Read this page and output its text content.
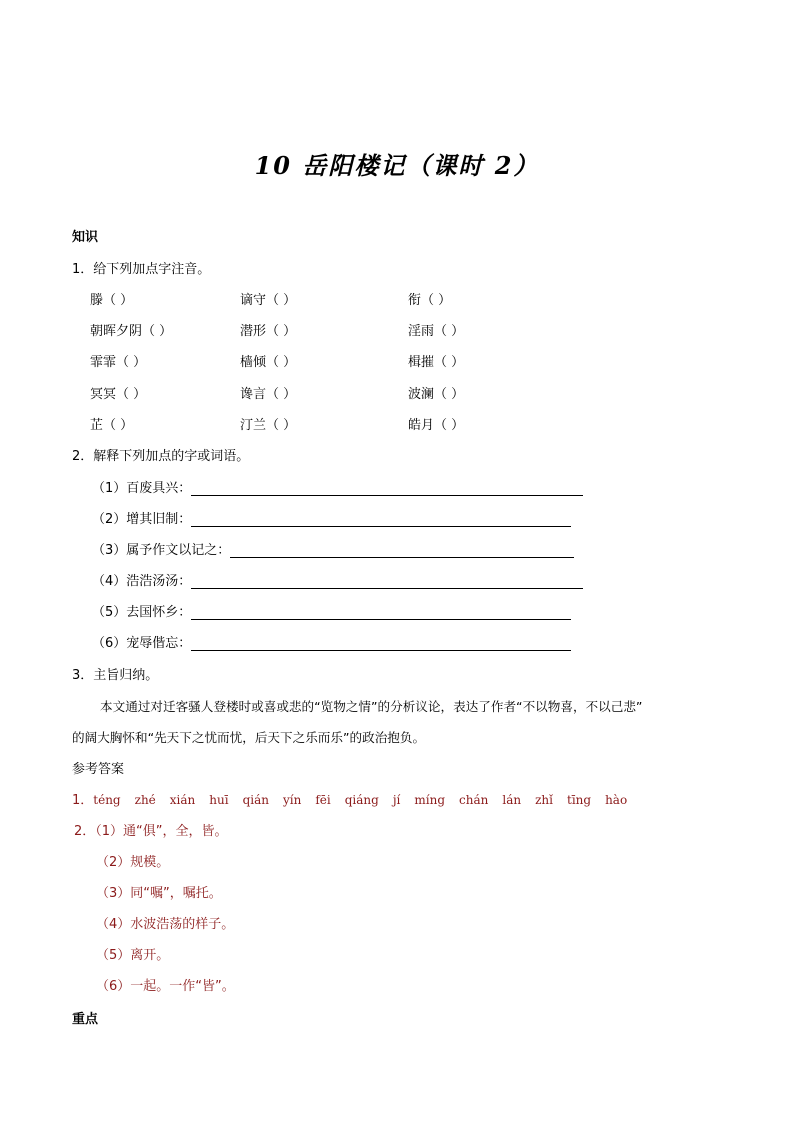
10 岳阳楼记（课时 2）
知识
1．给下列加点字注音。
滕（ ）	谪守（ ）	衔（ ）
朝晖夕阴（ ）	潜形（ ）	淫雨（ ）
霏霏（ ）	樯倾（ ）	楫摧（ ）
冥冥（ ）	谗言（ ）	波澜（ ）
芷（ ）	汀兰（ ）	皓月（ ）
2．解释下列加点的字或词语。
（1）百废具兴：
（2）增其旧制：
（3）属予作文以记之：
（4）浩浩汤汤：
（5）去国怀乡：
（6）宠辱偕忘：
3．主旨归纳。
本文通过对迁客骚人登楼时或喜或悲的“览物之情”的分析议论，表达了作者“不以物喜，不以己悲”
的阔大胸怀和“先天下之忧而忧，后天下之乐而乐”的政治抱负。
参考答案
1．téng zhé xián huī qián yín fēi qiáng jí míng chán lán zhǐ tīng hào
2．（1）通“俱”，全，皆。
（2）规模。
（3）同“嘱”，嘱托。
（4）水波浩荡的样子。
（5）离开。
（6）一起。一作“皆”。
重点
